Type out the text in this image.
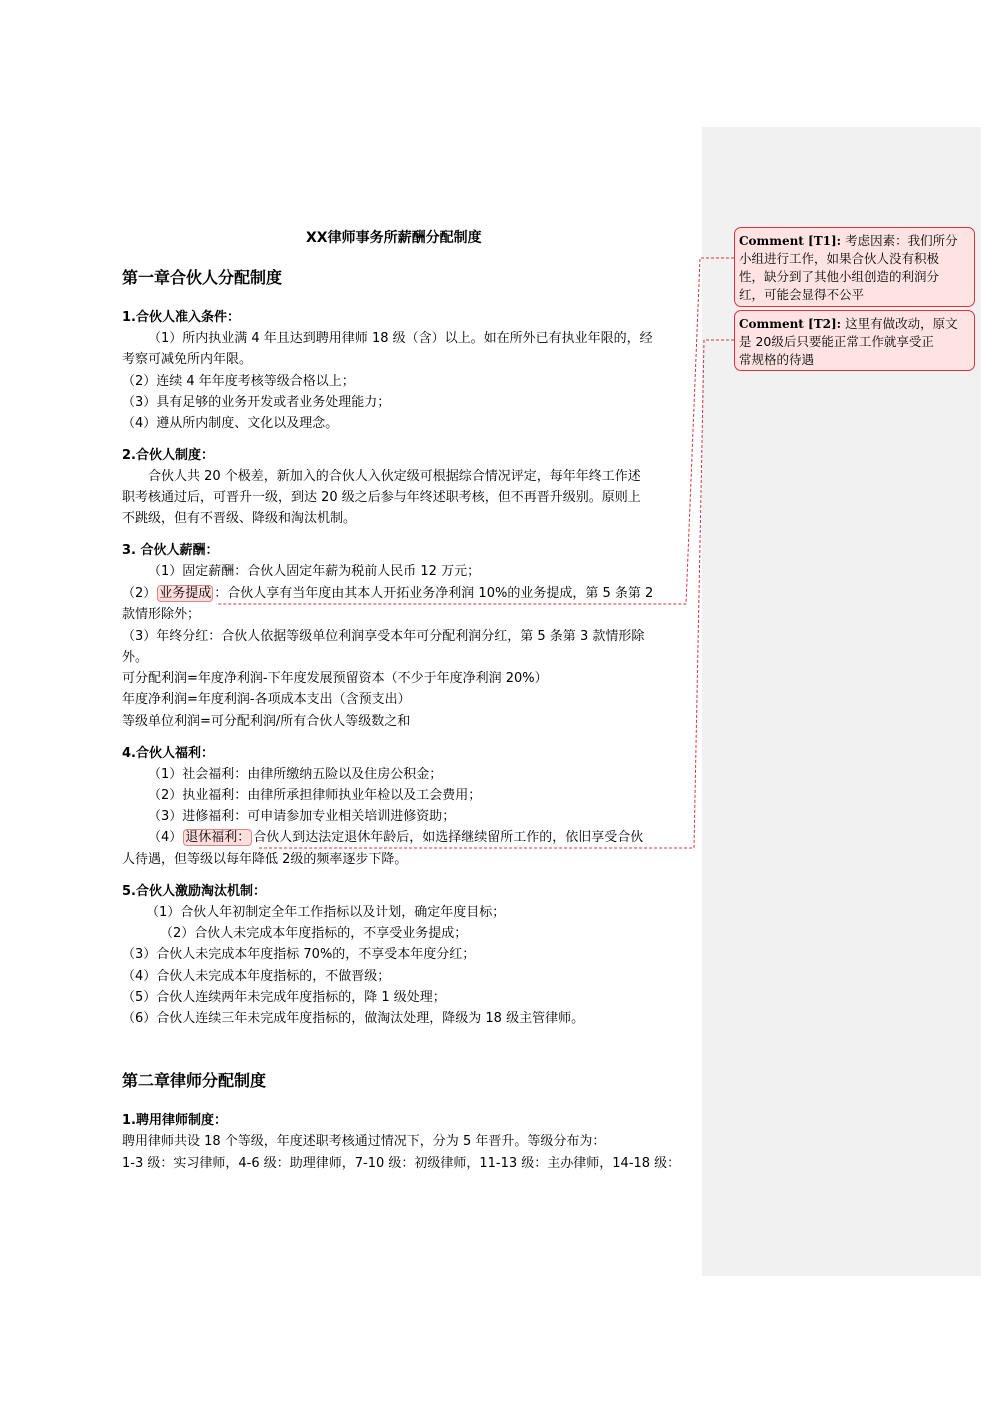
XX律师事务所薪酬分配制度
第一章合伙人分配制度
1.合伙人准入条件：
（1）所内执业满 4 年且达到聘用律师 18 级（含）以上。如在所外已有执业年限的，经
考察可减免所内年限。
（2）连续 4 年年度考核等级合格以上；
（3）具有足够的业务开发或者业务处理能力；
（4）遵从所内制度、文化以及理念。
2.合伙人制度：
合伙人共 20 个极差，新加入的合伙人入伙定级可根据综合情况评定，每年年终工作述
职考核通过后，可晋升一级，到达 20 级之后参与年终述职考核，但不再晋升级别。原则上
不跳级，但有不晋级、降级和淘汰机制。
3. 合伙人薪酬：
（1）固定薪酬：合伙人固定年薪为税前人民币 12 万元；
（2） 业务提成 ：合伙人享有当年度由其本人开拓业务净利润 10%的业务提成，第 5 条第 2
款情形除外；
（3）年终分红：合伙人依据等级单位利润享受本年可分配利润分红，第 5 条第 3 款情形除
外。
可分配利润=年度净利润-下年度发展预留资本（不少于年度净利润 20%）
年度净利润=年度利润-各项成本支出（含预支出）
等级单位利润=可分配利润/所有合伙人等级数之和
4.合伙人福利：
（1）社会福利：由律所缴纳五险以及住房公积金；
（2）执业福利：由律所承担律师执业年检以及工会费用；
（3）进修福利：可申请参加专业相关培训进修资助；
（4） 退休福利： 合伙人到达法定退休年龄后，如选择继续留所工作的，依旧享受合伙
人待遇，但等级以每年降低 2级的频率逐步下降。
5.合伙人激励淘汰机制：
（1）合伙人年初制定全年工作指标以及计划，确定年度目标；
（2）合伙人未完成本年度指标的，不享受业务提成；
（3）合伙人未完成本年度指标 70%的，不享受本年度分红；
（4）合伙人未完成本年度指标的，不做晋级；
（5）合伙人连续两年未完成年度指标的，降 1 级处理；
（6）合伙人连续三年未完成年度指标的，做淘汰处理，降级为 18 级主管律师。
第二章律师分配制度
1.聘用律师制度：
聘用律师共设 18 个等级，年度述职考核通过情况下，分为 5 年晋升。等级分布为：
1-3 级：实习律师，4-6 级：助理律师，7-10 级：初级律师，11-13 级：主办律师，14-18 级：
Comment [T1]: 考虑因素：我们所分
小组进行工作，如果合伙人没有积极
性，缺分到了其他小组创造的利润分
红，可能会显得不公平
Comment [T2]: 这里有做改动，原文
是 20级后只要能正常工作就享受正
常规格的待遇
